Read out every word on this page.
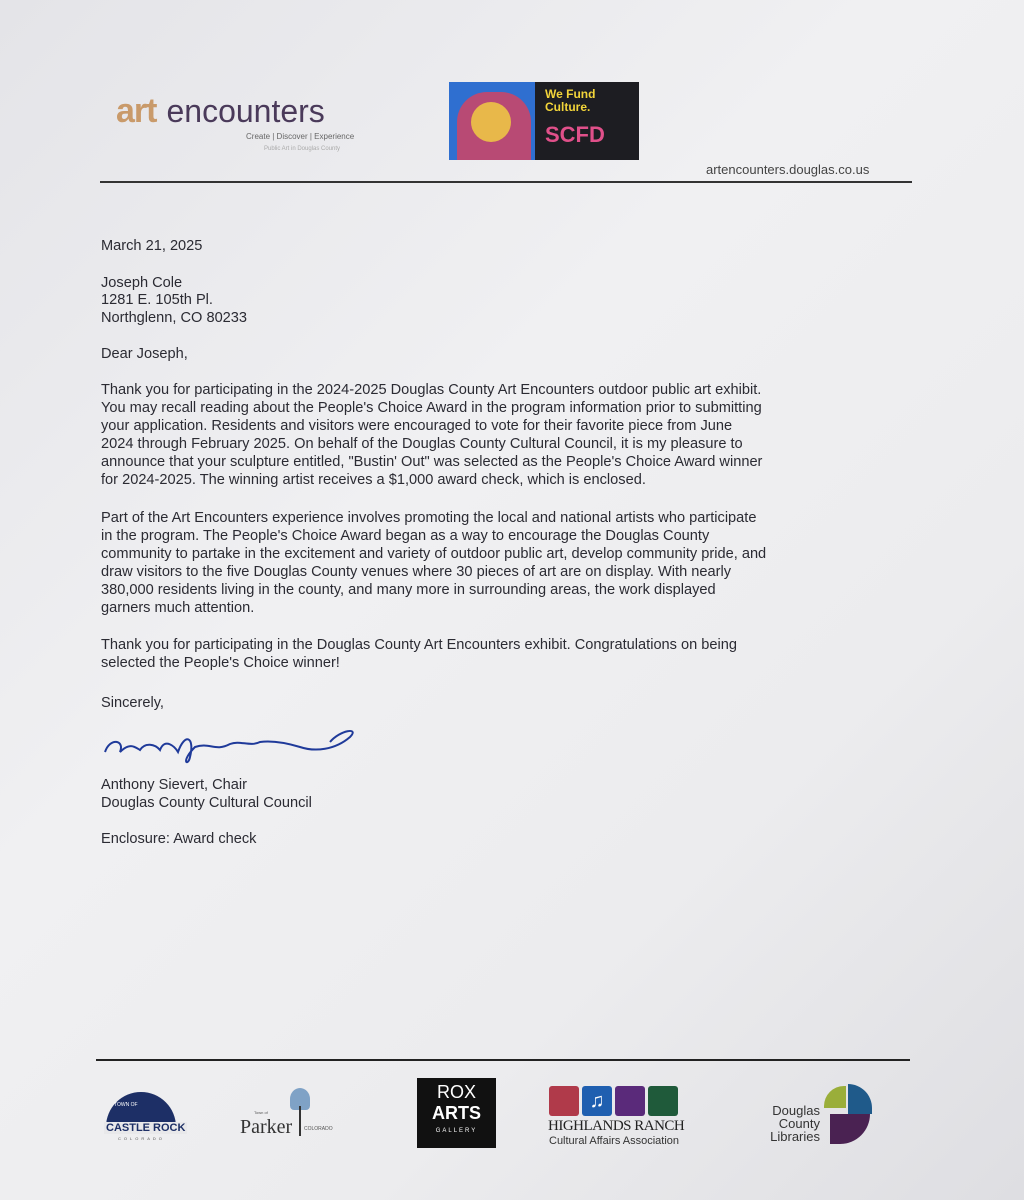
art encounters
Create | Discover | Experience
Public Art in Douglas County
We Fund Culture.
SCFD
artencounters.douglas.co.us
March 21, 2025
Joseph Cole
1281 E. 105th Pl.
Northglenn, CO 80233
Dear Joseph,
Thank you for participating in the 2024-2025 Douglas County Art Encounters outdoor public art exhibit.
You may recall reading about the People's Choice Award in the program information prior to submitting
your application. Residents and visitors were encouraged to vote for their favorite piece from June
2024 through February 2025. On behalf of the Douglas County Cultural Council, it is my pleasure to
announce that your sculpture entitled, "Bustin' Out" was selected as the People's Choice Award winner
for 2024-2025. The winning artist receives a $1,000 award check, which is enclosed.
Part of the Art Encounters experience involves promoting the local and national artists who participate
in the program. The People's Choice Award began as a way to encourage the Douglas County
community to partake in the excitement and variety of outdoor public art, develop community pride, and
draw visitors to the five Douglas County venues where 30 pieces of art are on display. With nearly
380,000 residents living in the county, and many more in surrounding areas, the work displayed
garners much attention.
Thank you for participating in the Douglas County Art Encounters exhibit. Congratulations on being
selected the People's Choice winner!
Sincerely,
Anthony Sievert, Chair
Douglas County Cultural Council
Enclosure: Award check
TOWN OF
CASTLE ROCK
COLORADO
Parker COLORADO
Town of
ROX
ARTS
GALLERY
♫
HIGHLANDS RANCH
Cultural Affairs Association
Douglas
County
Libraries
